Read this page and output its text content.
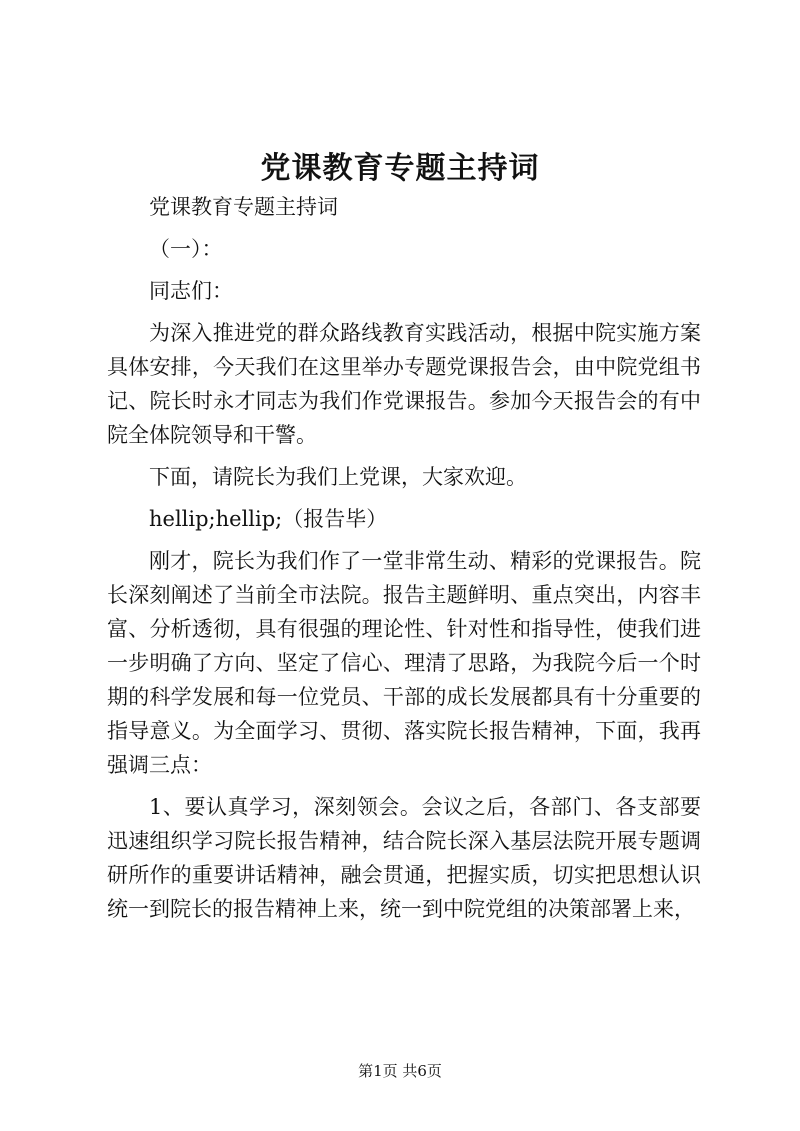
党课教育专题主持词

党课教育专题主持词

（一）：

同志们：

为深入推进党的群众路线教育实践活动，根据中院实施方案具体安排，今天我们在这里举办专题党课报告会，由中院党组书记、院长时永才同志为我们作党课报告。参加今天报告会的有中院全体院领导和干警。

下面，请院长为我们上党课，大家欢迎。

hellip;hellip;（报告毕）

刚才，院长为我们作了一堂非常生动、精彩的党课报告。院长深刻阐述了当前全市法院。报告主题鲜明、重点突出，内容丰富、分析透彻，具有很强的理论性、针对性和指导性，使我们进一步明确了方向、坚定了信心、理清了思路，为我院今后一个时期的科学发展和每一位党员、干部的成长发展都具有十分重要的指导意义。为全面学习、贯彻、落实院长报告精神，下面，我再强调三点：

1、要认真学习，深刻领会。会议之后，各部门、各支部要迅速组织学习院长报告精神，结合院长深入基层法院开展专题调研所作的重要讲话精神，融会贯通，把握实质，切实把思想认识统一到院长的报告精神上来，统一到中院党组的决策部署上来，

第1页 共6页
